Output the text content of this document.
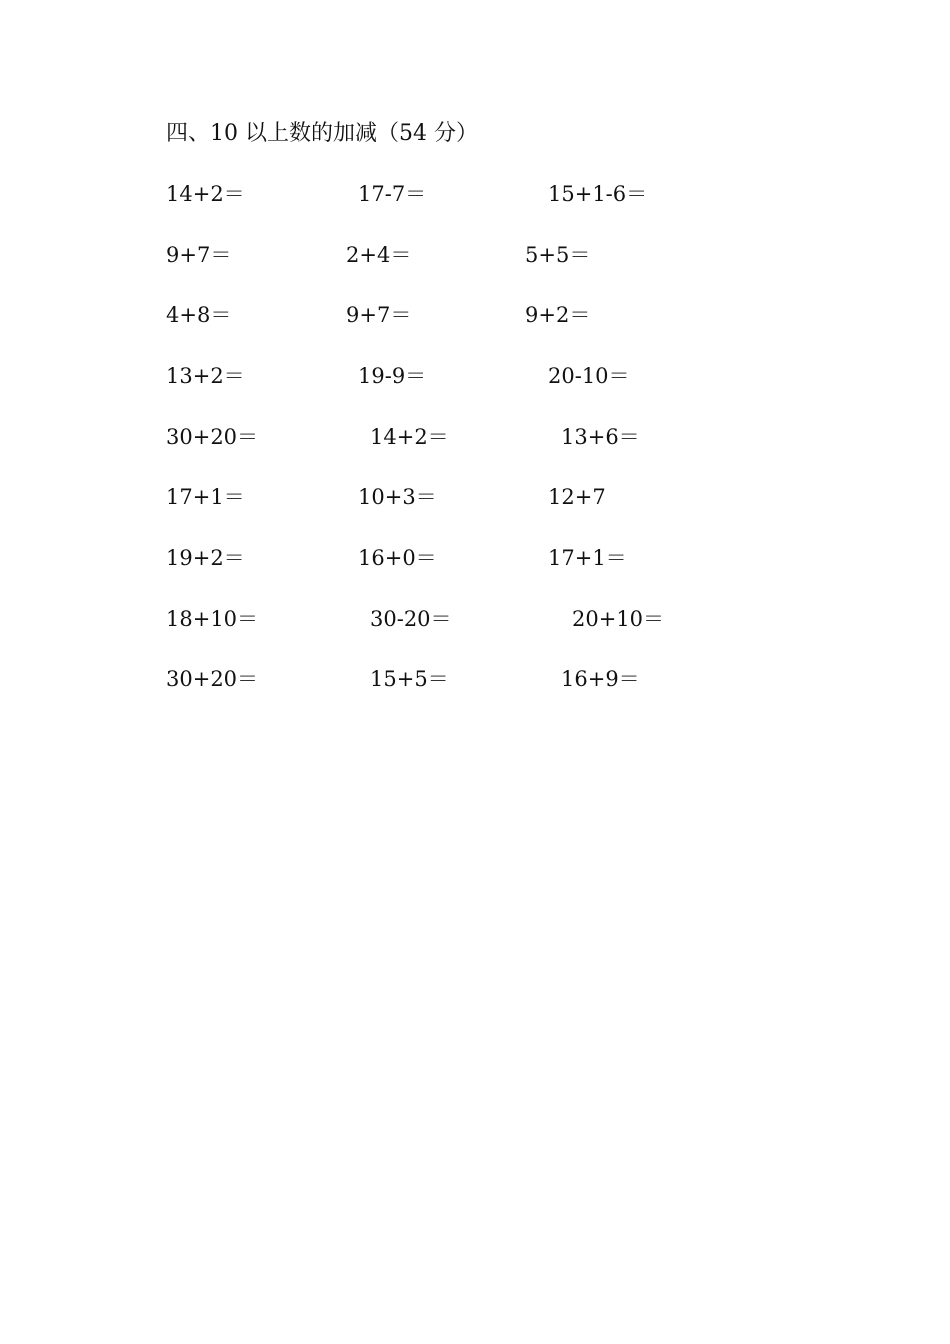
四、10 以上数的加减（54 分）
14+2＝	17-7＝	15+1-6＝
9+7＝	2+4＝	5+5＝
4+8＝	9+7＝	9+2＝
13+2＝	19-9＝	20-10＝
30+20＝	14+2＝	13+6＝
17+1＝	10+3＝	12+7
19+2＝	16+0＝	17+1＝
18+10＝	30-20＝	20+10＝
30+20＝	15+5＝	16+9＝
